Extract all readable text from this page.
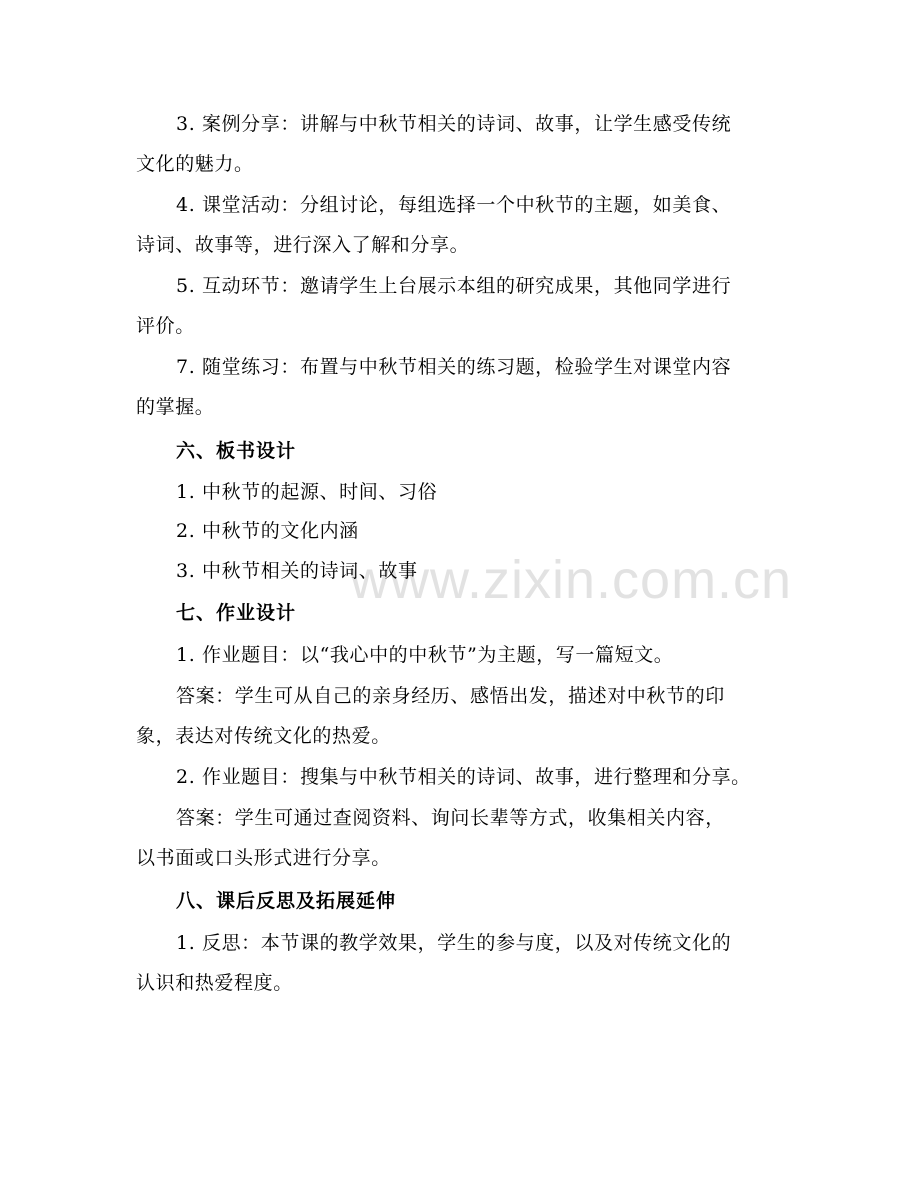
www.zixin.com.cn
3. 案例分享：讲解与中秋节相关的诗词、故事，让学生感受传统
文化的魅力。
4. 课堂活动：分组讨论，每组选择一个中秋节的主题，如美食、
诗词、故事等，进行深入了解和分享。
5. 互动环节：邀请学生上台展示本组的研究成果，其他同学进行
评价。
7. 随堂练习：布置与中秋节相关的练习题，检验学生对课堂内容
的掌握。
六、板书设计
1. 中秋节的起源、时间、习俗
2. 中秋节的文化内涵
3. 中秋节相关的诗词、故事
七、作业设计
1. 作业题目：以“我心中的中秋节”为主题，写一篇短文。
答案：学生可从自己的亲身经历、感悟出发，描述对中秋节的印
象，表达对传统文化的热爱。
2. 作业题目：搜集与中秋节相关的诗词、故事，进行整理和分享。
答案：学生可通过查阅资料、询问长辈等方式，收集相关内容，
以书面或口头形式进行分享。
八、课后反思及拓展延伸
1. 反思：本节课的教学效果，学生的参与度，以及对传统文化的
认识和热爱程度。
